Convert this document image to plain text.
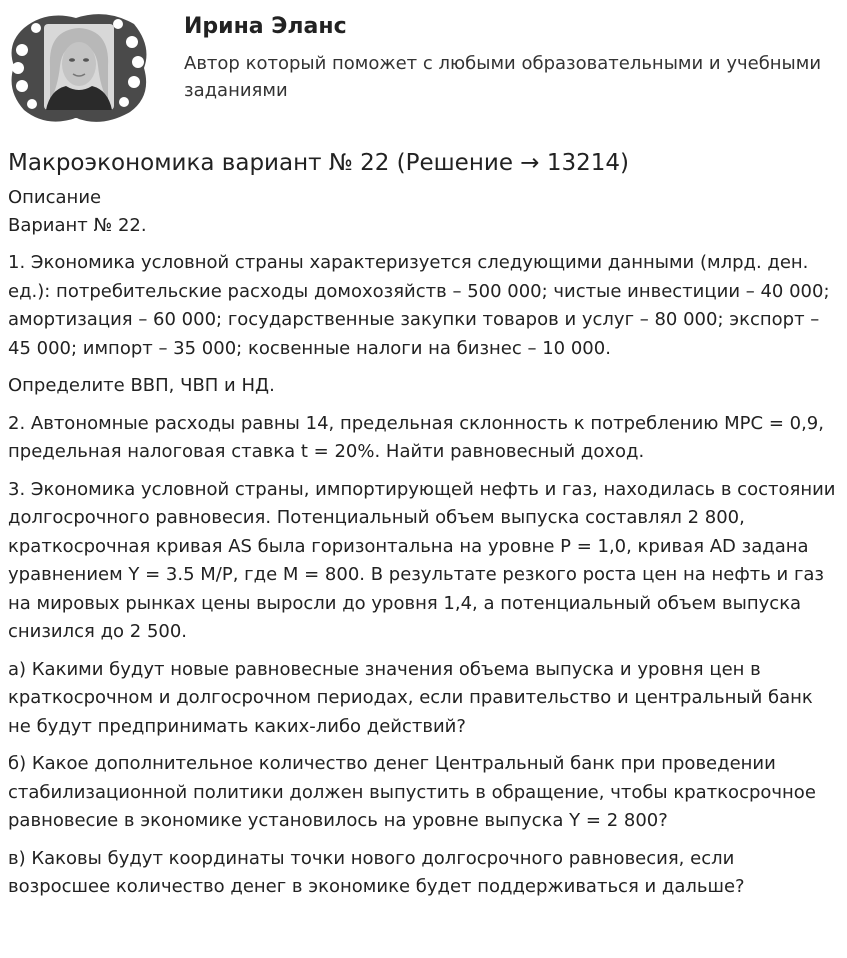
Ирина Эланс
Автор который поможет с любыми образовательными и учебными заданиями
Макроэкономика вариант № 22 (Решение → 13214)
Описание
Вариант № 22.

1. Экономика условной страны характеризуется следующими данными (млрд. ден. ед.): потребительские расходы домохозяйств – 500 000; чистые инвестиции – 40 000; амортизация – 60 000; государственные закупки товаров и услуг – 80 000; экспорт – 45 000; импорт – 35 000; косвенные налоги на бизнес – 10 000.

Определите ВВП, ЧВП и НД.

2. Автономные расходы равны 14, предельная склонность к потреблению MPC = 0,9, предельная налоговая ставка t = 20%. Найти равновесный доход.

3. Экономика условной страны, импортирующей нефть и газ, находилась в состоянии долгосрочного равновесия. Потенциальный объем выпуска составлял 2 800, краткосрочная кривая AS была горизонтальна на уровне P = 1,0, кривая AD задана уравнением Y = 3.5 M/P, где M = 800. В результате резкого роста цен на нефть и газ на мировых рынках цены выросли до уровня 1,4, а потенциальный объем выпуска снизился до 2 500.

а) Какими будут новые равновесные значения объема выпуска и уровня цен в краткосрочном и долгосрочном периодах, если правительство и центральный банк не будут предпринимать каких-либо действий?

б) Какое дополнительное количество денег Центральный банк при проведении стабилизационной политики должен выпустить в обращение, чтобы краткосрочное равновесие в экономике установилось на уровне выпуска Y = 2 800?

в) Каковы будут координаты точки нового долгосрочного равновесия, если возросшее количество денег в экономике будет поддерживаться и дальше?
